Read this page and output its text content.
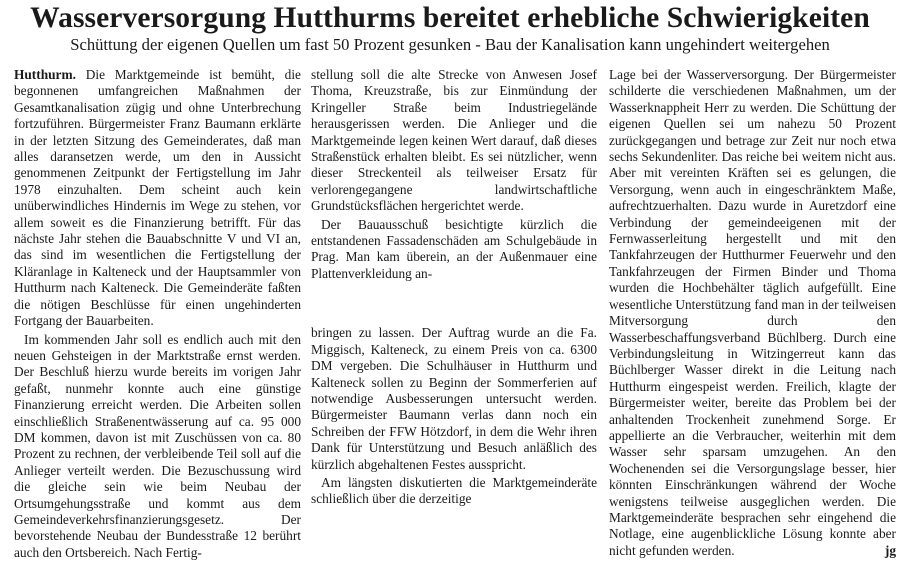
Wasserversorgung Hutthurms bereitet erhebliche Schwierigkeiten
Schüttung der eigenen Quellen um fast 50 Prozent gesunken - Bau der Kanalisation kann ungehindert weitergehen

Hutthurm. Die Marktgemeinde ist bemüht, die begonnenen umfangreichen Maßnahmen der Gesamtkanalisation zügig und ohne Unterbrechung fortzuführen. Bürgermeister Franz Baumann erklärte in der letzten Sitzung des Gemeinderates, daß man alles daransetzen werde, um den in Aussicht genommenen Zeitpunkt der Fertigstellung im Jahr 1978 einzuhalten. Dem scheint auch kein unüberwindliches Hindernis im Wege zu stehen, vor allem soweit es die Finanzierung betrifft. Für das nächste Jahr stehen die Bauabschnitte V und VI an, das sind im wesentlichen die Fertigstellung der Kläranlage in Kalteneck und der Hauptsammler von Hutthurm nach Kalteneck. Die Gemeinderäte faßten die nötigen Beschlüsse für einen ungehinderten Fortgang der Bauarbeiten.

Im kommenden Jahr soll es endlich auch mit den neuen Gehsteigen in der Marktstraße ernst werden. Der Beschluß hierzu wurde bereits im vorigen Jahr gefaßt, nunmehr konnte auch eine günstige Finanzierung erreicht werden. Die Arbeiten sollen einschließlich Straßenentwässerung auf ca. 95 000 DM kommen, davon ist mit Zuschüssen von ca. 80 Prozent zu rechnen, der verbleibende Teil soll auf die Anlieger verteilt werden. Die Bezuschussung wird die gleiche sein wie beim Neubau der Ortsumgehungsstraße und kommt aus dem Gemeindeverkehrsfinanzierungsgesetz. Der bevorstehende Neubau der Bundesstraße 12 berührt auch den Ortsbereich. Nach Fertig-

stellung soll die alte Strecke von Anwesen Josef Thoma, Kreuzstraße, bis zur Einmündung der Kringeller Straße beim Industriegelände herausgerissen werden. Die Anlieger und die Marktgemeinde legen keinen Wert darauf, daß dieses Straßenstück erhalten bleibt. Es sei nützlicher, wenn dieser Streckenteil als teilweiser Ersatz für verlorengegangene landwirtschaftliche Grundstücksflächen hergerichtet werde.

Der Bauausschuß besichtigte kürzlich die entstandenen Fassadenschäden am Schulgebäude in Prag. Man kam überein, an der Außenmauer eine Plattenverkleidung an-

bringen zu lassen. Der Auftrag wurde an die Fa. Miggisch, Kalteneck, zu einem Preis von ca. 6300 DM vergeben. Die Schulhäuser in Hutthurm und Kalteneck sollen zu Beginn der Sommerferien auf notwendige Ausbesserungen untersucht werden. Bürgermeister Baumann verlas dann noch ein Schreiben der FFW Hötzdorf, in dem die Wehr ihren Dank für Unterstützung und Besuch anläßlich des kürzlich abgehaltenen Festes ausspricht.

Am längsten diskutierten die Marktgemeinderäte schließlich über die derzeitige

Lage bei der Wasserversorgung. Der Bürgermeister schilderte die verschiedenen Maßnahmen, um der Wasserknappheit Herr zu werden. Die Schüttung der eigenen Quellen sei um nahezu 50 Prozent zurückgegangen und betrage zur Zeit nur noch etwa sechs Sekundenliter. Das reiche bei weitem nicht aus. Aber mit vereinten Kräften sei es gelungen, die Versorgung, wenn auch in eingeschränktem Maße, aufrechtzuerhalten. Dazu wurde in Auretzdorf eine Verbindung der gemeindeeigenen mit der Fernwasserleitung hergestellt und mit den Tankfahrzeugen der Hutthurmer Feuerwehr und den Tankfahrzeugen der Firmen Binder und Thoma wurden die Hochbehälter täglich aufgefüllt. Eine wesentliche Unterstützung fand man in der teilweisen Mitversorgung durch den Wasserbeschaffungsverband Büchlberg. Durch eine Verbindungsleitung in Witzingerreut kann das Büchlberger Wasser direkt in die Leitung nach Hutthurm eingespeist werden. Freilich, klagte der Bürgermeister weiter, bereite das Problem bei der anhaltenden Trockenheit zunehmend Sorge. Er appellierte an die Verbraucher, weiterhin mit dem Wasser sehr sparsam umzugehen. An den Wochenenden sei die Versorgungslage besser, hier könnten Einschränkungen während der Woche wenigstens teilweise ausgeglichen werden. Die Marktgemeinderäte besprachen sehr eingehend die Notlage, eine augenblickliche Lösung konnte aber nicht gefunden werden.	jg
